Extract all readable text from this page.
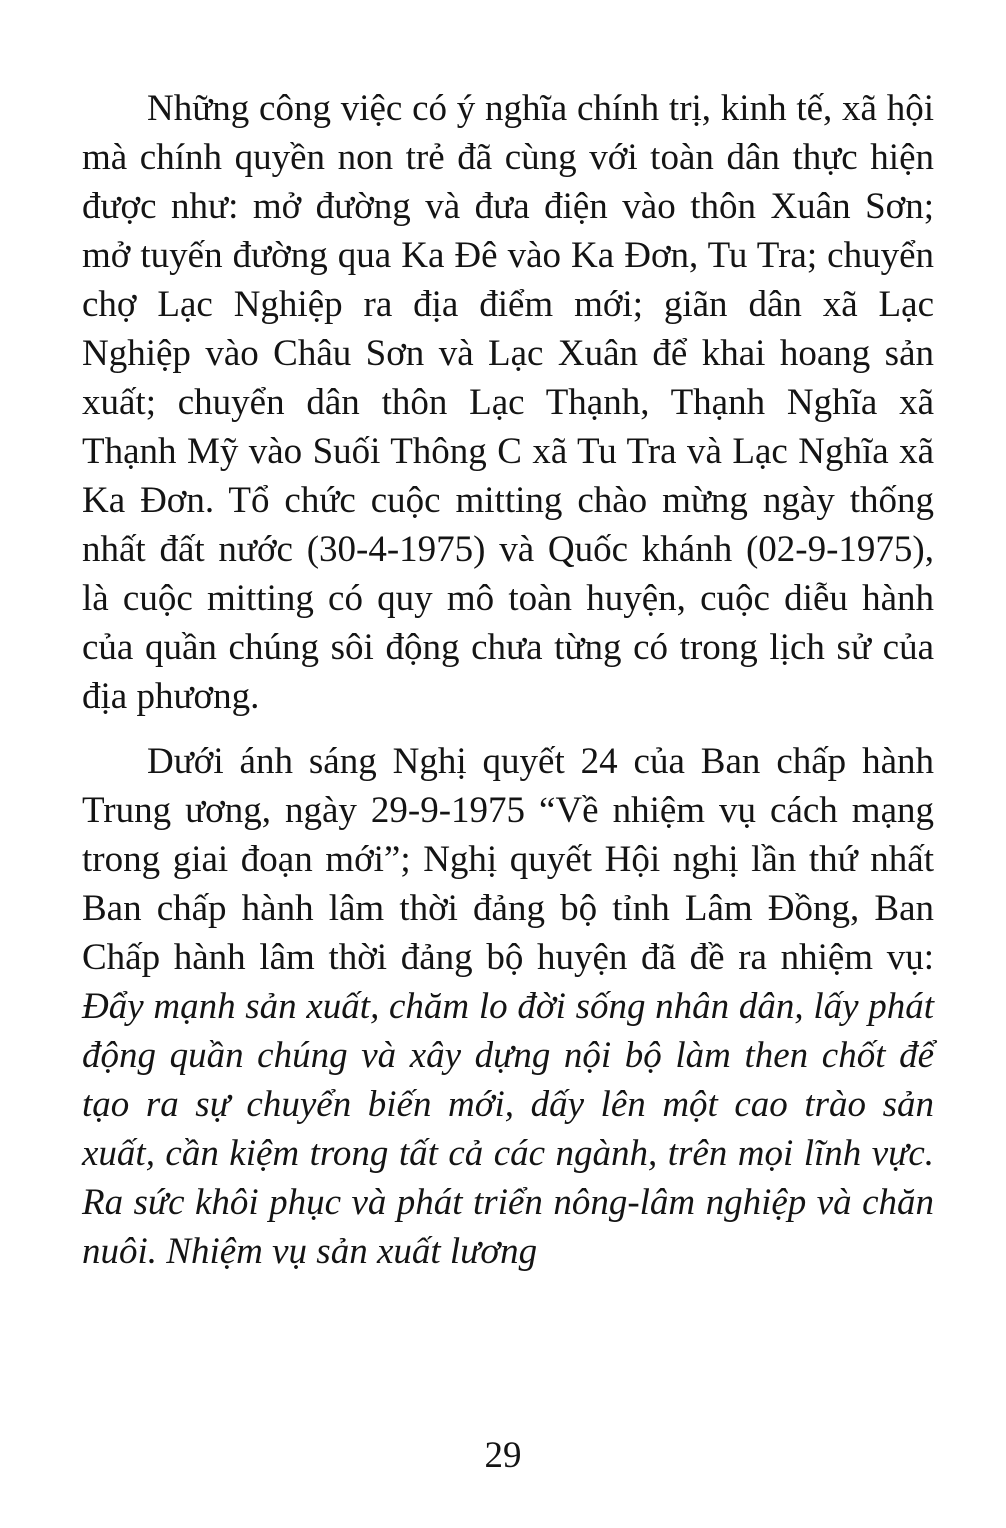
Những công việc có ý nghĩa chính trị, kinh tế, xã hội mà chính quyền non trẻ đã cùng với toàn dân thực hiện được như: mở đường và đưa điện vào thôn Xuân Sơn; mở tuyến đường qua Ka Đê vào Ka Đơn, Tu Tra; chuyển chợ Lạc Nghiệp ra địa điểm mới; giãn dân xã Lạc Nghiệp vào Châu Sơn và Lạc Xuân để khai hoang sản xuất; chuyển dân thôn Lạc Thạnh, Thạnh Nghĩa xã Thạnh Mỹ vào Suối Thông C xã Tu Tra và Lạc Nghĩa xã Ka Đơn. Tổ chức cuộc mitting chào mừng ngày thống nhất đất nước (30-4-1975) và Quốc khánh (02-9-1975), là cuộc mitting có quy mô toàn huyện, cuộc diễu hành của quần chúng sôi động chưa từng có trong lịch sử của địa phương.

Dưới ánh sáng Nghị quyết 24 của Ban chấp hành Trung ương, ngày 29-9-1975 “Về nhiệm vụ cách mạng trong giai đoạn mới”; Nghị quyết Hội nghị lần thứ nhất Ban chấp hành lâm thời đảng bộ tỉnh Lâm Đồng, Ban Chấp hành lâm thời đảng bộ huyện đã đề ra nhiệm vụ: Đẩy mạnh sản xuất, chăm lo đời sống nhân dân, lấy phát động quần chúng và xây dựng nội bộ làm then chốt để tạo ra sự chuyển biến mới, dấy lên một cao trào sản xuất, cần kiệm trong tất cả các ngành, trên mọi lĩnh vực. Ra sức khôi phục và phát triển nông-lâm nghiệp và chăn nuôi. Nhiệm vụ sản xuất lương

29
